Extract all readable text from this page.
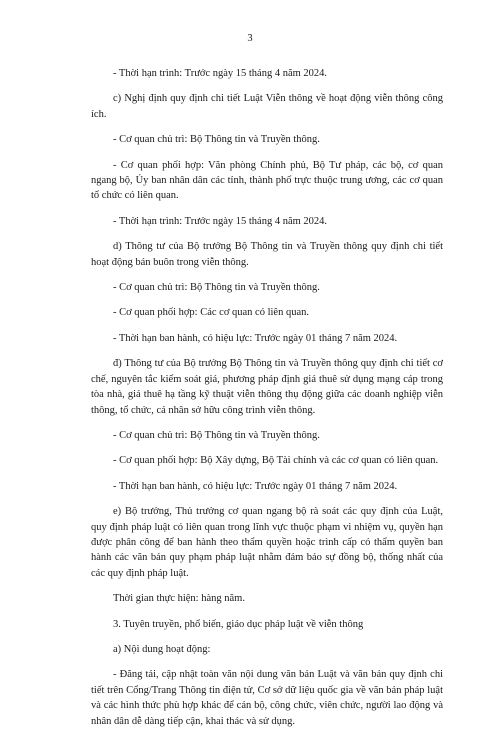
3

- Thời hạn trình: Trước ngày 15 tháng 4 năm 2024.

c) Nghị định quy định chi tiết Luật Viễn thông về hoạt động viễn thông công ích.

- Cơ quan chủ trì: Bộ Thông tin và Truyền thông.

- Cơ quan phối hợp: Văn phòng Chính phủ, Bộ Tư pháp, các bộ, cơ quan ngang bộ, Ủy ban nhân dân các tỉnh, thành phố trực thuộc trung ương, các cơ quan tổ chức có liên quan.

- Thời hạn trình: Trước ngày 15 tháng 4 năm 2024.

d) Thông tư của Bộ trưởng Bộ Thông tin và Truyền thông quy định chi tiết hoạt động bán buôn trong viễn thông.

- Cơ quan chủ trì: Bộ Thông tin và Truyền thông.

- Cơ quan phối hợp: Các cơ quan có liên quan.

- Thời hạn ban hành, có hiệu lực: Trước ngày 01 tháng 7 năm 2024.

đ) Thông tư của Bộ trưởng Bộ Thông tin và Truyền thông quy định chi tiết cơ chế, nguyên tắc kiểm soát giá, phương pháp định giá thuê sử dụng mạng cáp trong tòa nhà, giá thuê hạ tầng kỹ thuật viễn thông thụ động giữa các doanh nghiệp viễn thông, tổ chức, cá nhân sở hữu công trình viễn thông.

- Cơ quan chủ trì: Bộ Thông tin và Truyền thông.

- Cơ quan phối hợp: Bộ Xây dựng, Bộ Tài chính và các cơ quan có liên quan.

- Thời hạn ban hành, có hiệu lực: Trước ngày 01 tháng 7 năm 2024.

e) Bộ trưởng, Thủ trưởng cơ quan ngang bộ rà soát các quy định của Luật, quy định pháp luật có liên quan trong lĩnh vực thuộc phạm vi nhiệm vụ, quyền hạn được phân công để ban hành theo thẩm quyền hoặc trình cấp có thẩm quyền ban hành các văn bản quy phạm pháp luật nhằm đảm bảo sự đồng bộ, thống nhất của các quy định pháp luật.

Thời gian thực hiện: hàng năm.

3. Tuyên truyền, phổ biến, giáo dục pháp luật về viễn thông

a) Nội dung hoạt động:

- Đăng tải, cập nhật toàn văn nội dung văn bản Luật và văn bản quy định chi tiết trên Cổng/Trang Thông tin điện tử, Cơ sở dữ liệu quốc gia về văn bản pháp luật và các hình thức phù hợp khác để cán bộ, công chức, viên chức, người lao động và nhân dân dễ dàng tiếp cận, khai thác và sử dụng.
